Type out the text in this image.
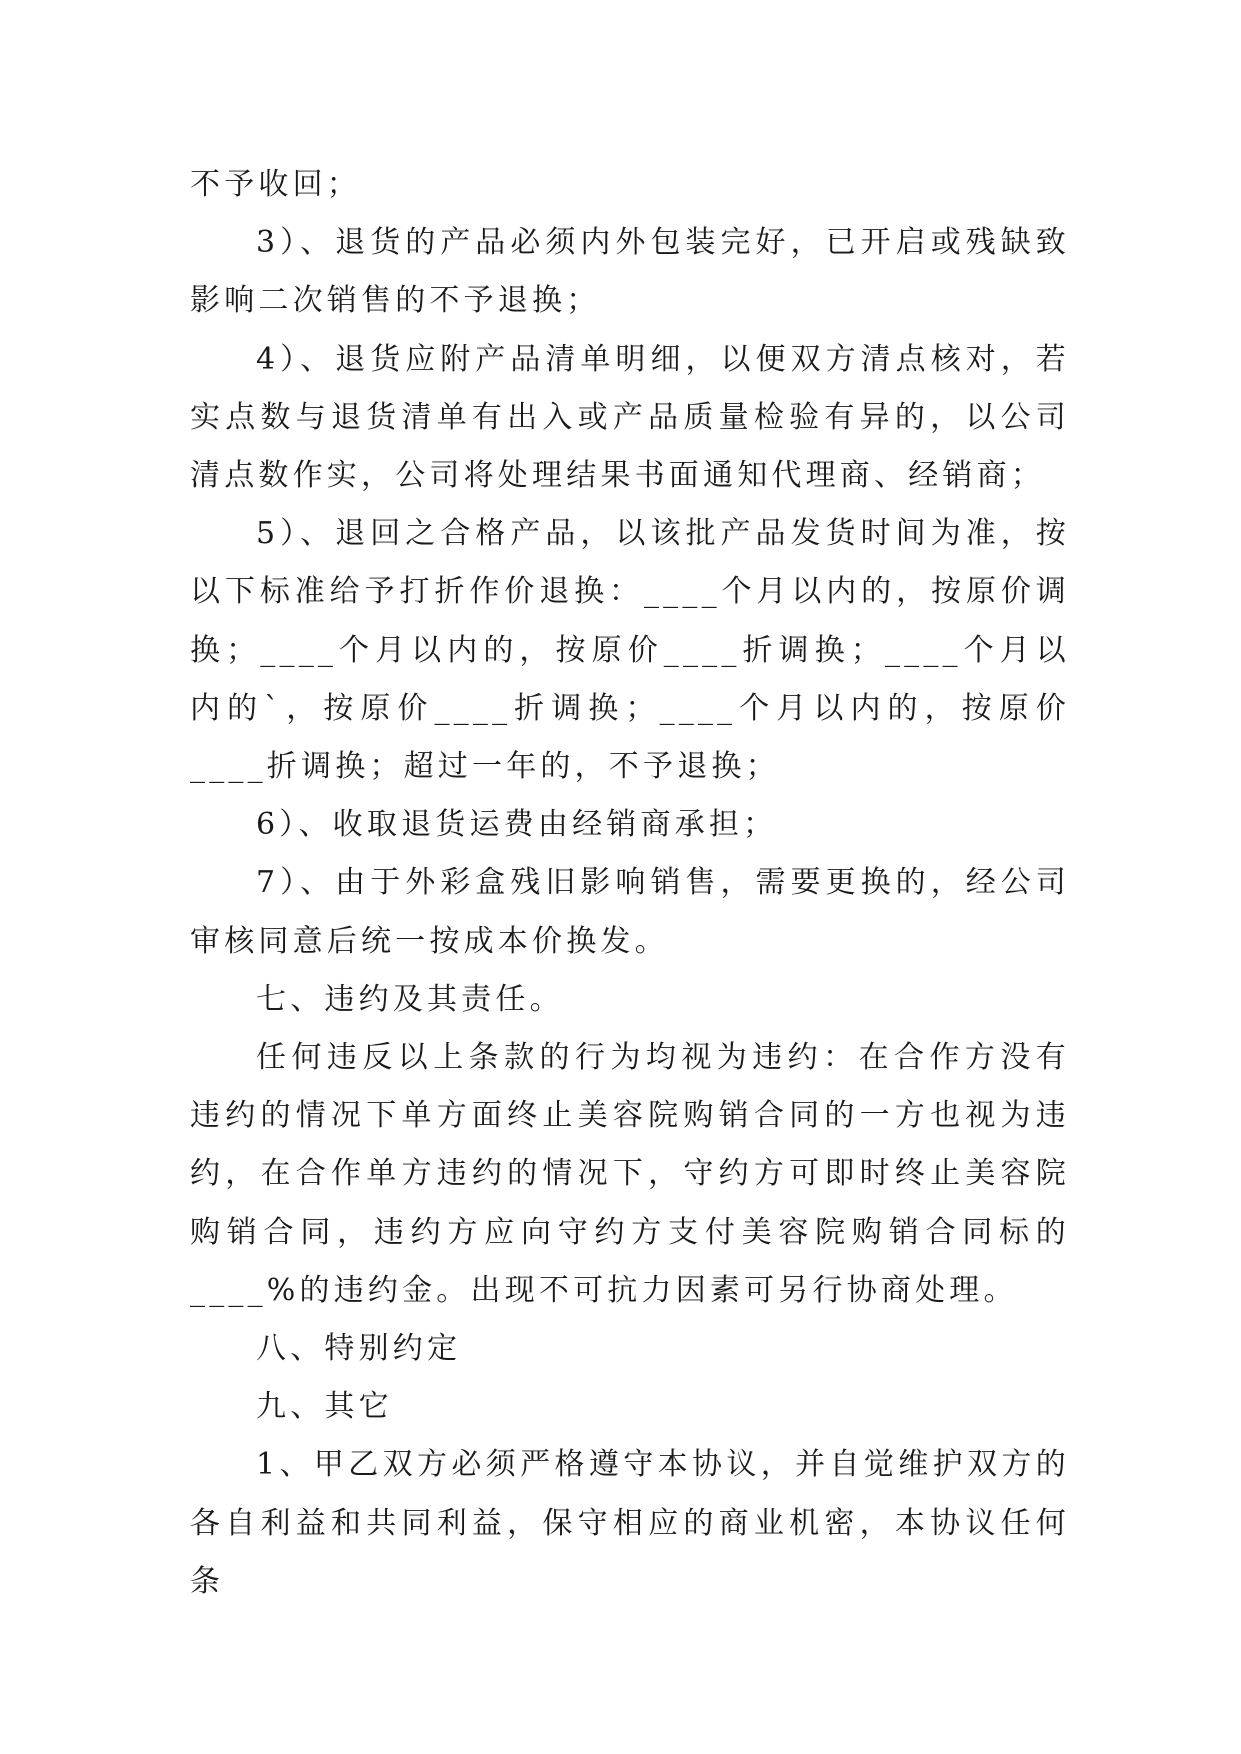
不予收回；

3）、退货的产品必须内外包装完好，已开启或残缺致影响二次销售的不予退换；

4）、退货应附产品清单明细，以便双方清点核对，若实点数与退货清单有出入或产品质量检验有异的，以公司清点数作实，公司将处理结果书面通知代理商、经销商；

5）、退回之合格产品，以该批产品发货时间为准，按以下标准给予打折作价退换：____个月以内的，按原价调换；____个月以内的，按原价____折调换；____个月以内的`，按原价____折调换；____个月以内的，按原价____折调换；超过一年的，不予退换；

6）、收取退货运费由经销商承担；

7）、由于外彩盒残旧影响销售，需要更换的，经公司审核同意后统一按成本价换发。

七、违约及其责任。

任何违反以上条款的行为均视为违约：在合作方没有违约的情况下单方面终止美容院购销合同的一方也视为违约，在合作单方违约的情况下，守约方可即时终止美容院购销合同，违约方应向守约方支付美容院购销合同标的____%的违约金。出现不可抗力因素可另行协商处理。

八、特别约定

九、其它

1、甲乙双方必须严格遵守本协议，并自觉维护双方的各自利益和共同利益，保守相应的商业机密，本协议任何条
